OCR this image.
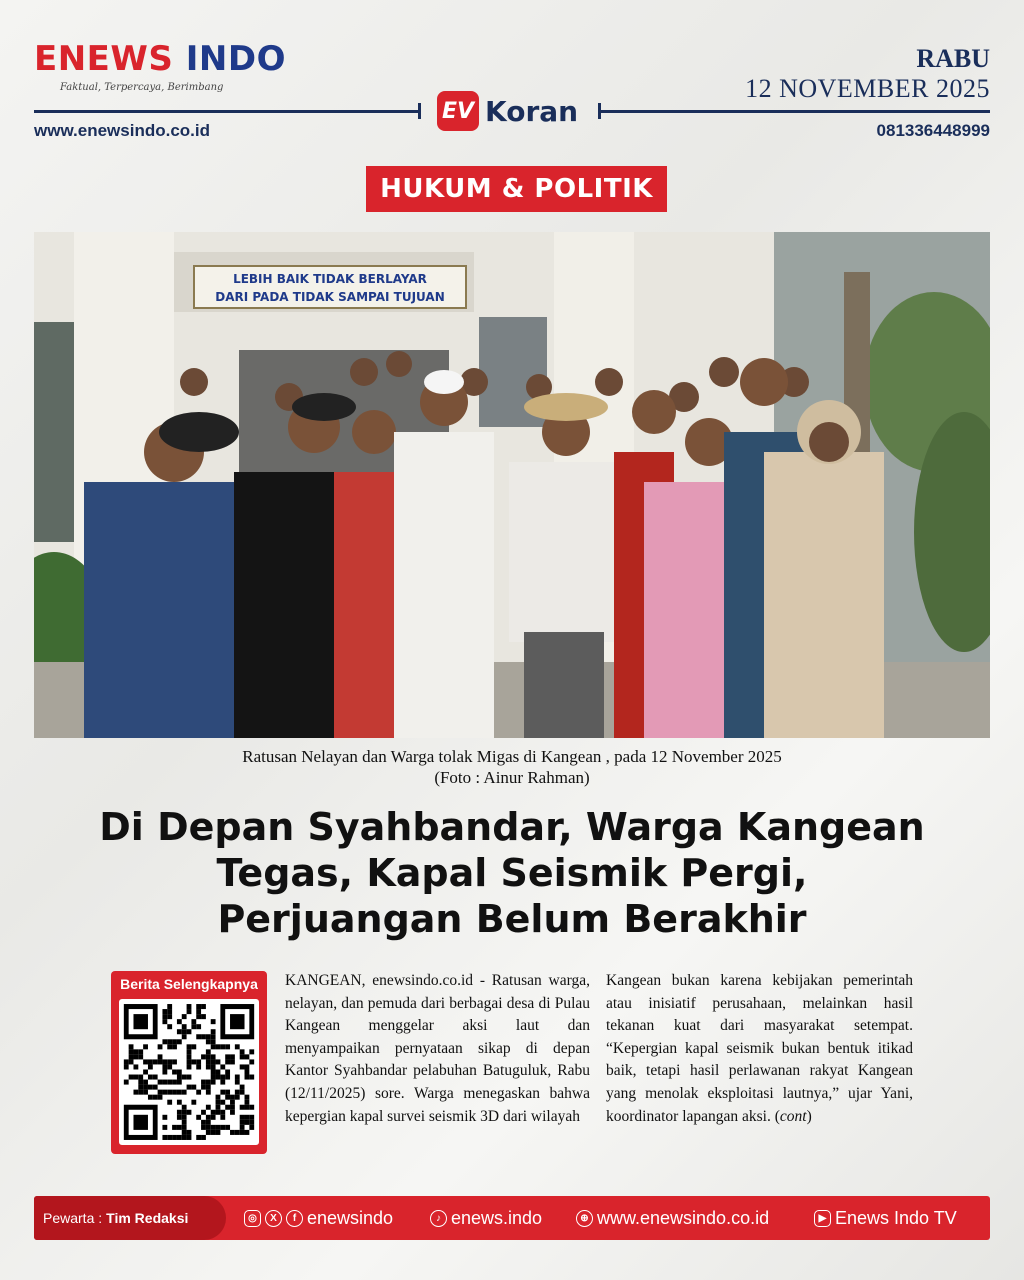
ENEWS INDO
Faktual, Terpercaya, Berimbang
RABU
12 NOVEMBER 2025
EV Koran
www.enewsindo.co.id	081336448999
HUKUM & POLITIK
LEBIH BAIK TIDAK BERLAYAR
DARI PADA TIDAK SAMPAI TUJUAN
Ratusan Nelayan dan Warga tolak Migas di Kangean , pada 12 November 2025
(Foto : Ainur Rahman)
Di Depan Syahbandar, Warga Kangean
Tegas, Kapal Seismik Pergi,
Perjuangan Belum Berakhir
Berita Selengkapnya	KANGEAN, enewsindo.co.id - Ratusan warga, nelayan, dan pemuda dari berbagai desa di Pulau Kangean menggelar aksi laut dan menyampaikan pernyataan sikap di depan Kantor Syahbandar pelabuhan Batuguluk, Rabu (12/11/2025) sore. Warga menegaskan bahwa kepergian kapal survei seismik 3D dari wilayah
Kangean bukan karena kebijakan pemerintah atau inisiatif perusahaan, melainkan hasil tekanan kuat dari masyarakat setempat. “Kepergian kapal seismik bukan bentuk itikad baik, tetapi hasil perlawanan rakyat Kangean yang menolak eksploitasi lautnya,” ujar Yani, koordinator lapangan aksi. (cont)
Pewarta : Tim Redaksi	◎	X	f enewsindo	♪ enews.indo	⊕ www.enewsindo.co.id	▶ Enews Indo TV
